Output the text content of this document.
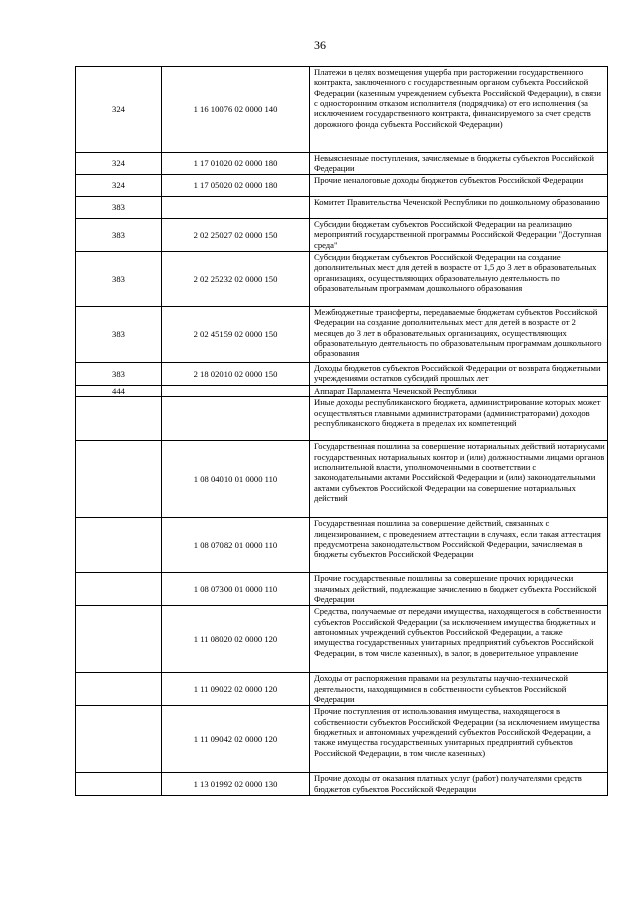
36
324	1 16 10076 02 0000 140	Платежи в целях возмещения ущерба при расторжении государственного контракта, заключенного с государственным органом субъекта Российской Федерации (казенным учреждением субъекта Российской Федерации), в связи с односторонним отказом исполнителя (подрядчика) от его исполнения (за исключением государственного контракта, финансируемого за счет средств дорожного фонда субъекта Российской Федерации)
324	1 17 01020 02 0000 180	Невыясненные поступления, зачисляемые в бюджеты субъектов Российской Федерации
324	1 17 05020 02 0000 180	Прочие неналоговые доходы бюджетов субъектов Российской Федерации
383		Комитет Правительства Чеченской Республики по дошкольному образованию
383	2 02 25027 02 0000 150	Субсидии бюджетам субъектов Российской Федерации на реализацию мероприятий государственной программы Российской Федерации "Доступная среда"
383	2 02 25232 02 0000 150	Субсидии бюджетам субъектов Российской Федерации на создание дополнительных мест для детей в возрасте от 1,5 до 3 лет в образовательных организациях, осуществляющих образовательную деятельность по образовательным программам дошкольного образования
383	2 02 45159 02 0000 150	Межбюджетные трансферты, передаваемые бюджетам субъектов Российской Федерации на создание дополнительных мест для детей в возрасте от 2 месяцев до 3 лет в образовательных организациях, осуществляющих образовательную деятельность по образовательным программам дошкольного образования
383	2 18 02010 02 0000 150	Доходы бюджетов субъектов Российской Федерации от возврата бюджетными учреждениями остатков субсидий прошлых лет
444		Аппарат Парламента Чеченской Республики
		Иные доходы республиканского бюджета, администрирование которых может осуществляться главными администраторами (администраторами) доходов республиканского бюджета в пределах их компетенций
	1 08 04010 01 0000 110	Государственная пошлина за совершение нотариальных действий нотариусами государственных нотариальных контор и (или) должностными лицами органов исполнительной власти, уполномоченными в соответствии с законодательными актами Российской Федерации и (или) законодательными актами субъектов Российской Федерации на совершение нотариальных действий
	1 08 07082 01 0000 110	Государственная пошлина за совершение действий, связанных с лицензированием, с проведением аттестации в случаях, если такая аттестация предусмотрена законодательством Российской Федерации, зачисляемая в бюджеты субъектов Российской Федерации
	1 08 07300 01 0000 110	Прочие государственные пошлины за совершение прочих юридически значимых действий, подлежащие зачислению в бюджет субъекта Российской Федерации
	1 11 08020 02 0000 120	Средства, получаемые от передачи имущества, находящегося в собственности субъектов Российской Федерации (за исключением имущества бюджетных и автономных учреждений субъектов Российской Федерации, а также имущества государственных унитарных предприятий субъектов Российской Федерации, в том числе казенных), в залог, в доверительное управление
	1 11 09022 02 0000 120	Доходы от распоряжения правами на результаты научно-технической деятельности, находящимися в собственности субъектов Российской Федерации
	1 11 09042 02 0000 120	Прочие поступления от использования имущества, находящегося в собственности субъектов Российской Федерации (за исключением имущества бюджетных и автономных учреждений субъектов Российской Федерации, а также имущества государственных унитарных предприятий субъектов Российской Федерации, в том числе казенных)
	1 13 01992 02 0000 130	Прочие доходы от оказания платных услуг (работ) получателями средств бюджетов субъектов Российской Федерации
